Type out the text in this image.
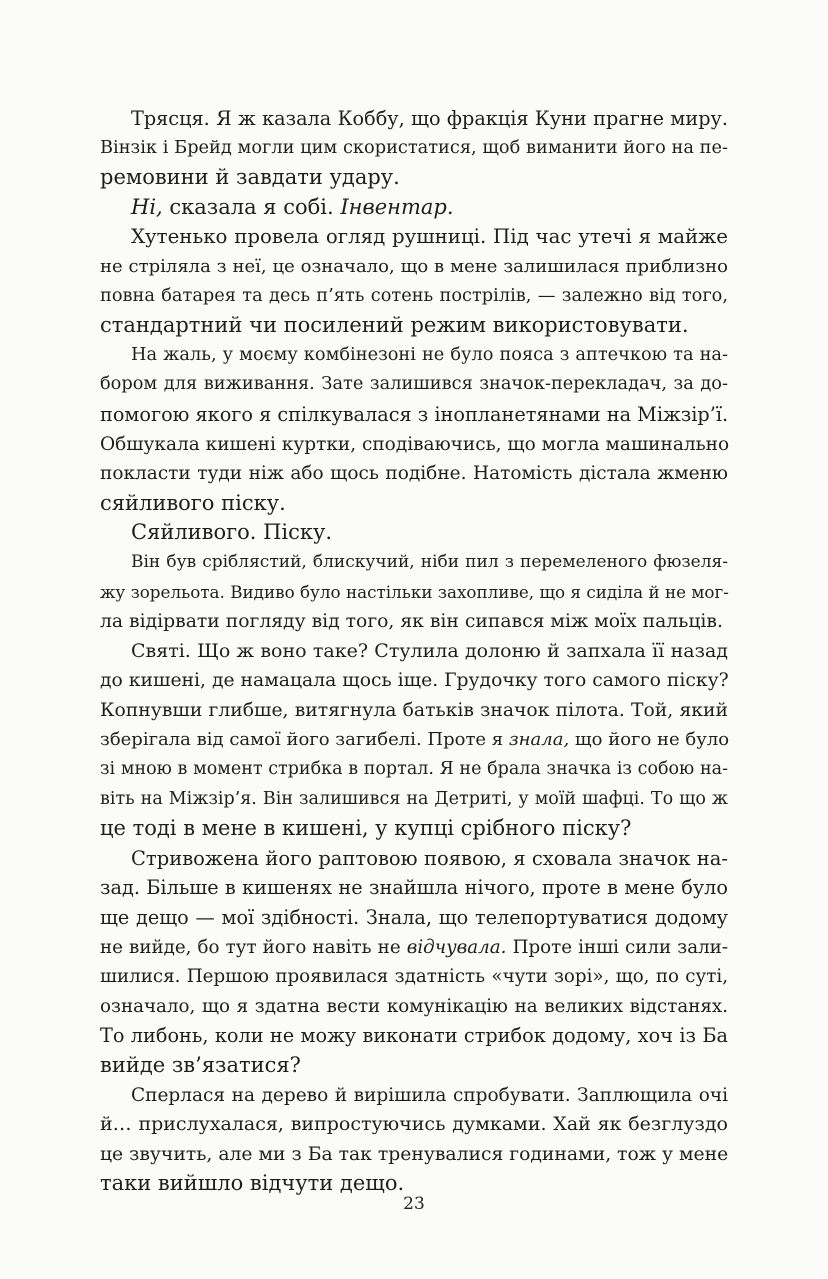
Трясця. Я ж казала Коббу, що фракція Куни прагне миру.
Вінзік і Брейд могли цим скористатися, щоб виманити його на пе-
ремовини й завдати удару.
Ні, сказала я собі. Інвентар.
Хутенько провела огляд рушниці. Під час утечі я майже
не стріляла з неї, це означало, що в мене залишилася приблизно
повна батарея та десь п’ять сотень пострілів, — залежно від того,
стандартний чи посилений режим використовувати.
На жаль, у моєму комбінезоні не було пояса з аптечкою та на-
бором для виживання. Зате залишився значок-перекладач, за до-
помогою якого я спілкувалася з інопланетянами на Міжзір’ї.
Обшукала кишені куртки, сподіваючись, що могла машинально
покласти туди ніж або щось подібне. Натомість дістала жменю
сяйливого піску.
Сяйливого. Піску.
Він був сріблястий, блискучий, ніби пил з перемеленого фюзеля-
жу зорельота. Видиво було настільки захопливе, що я сиділа й не мог-
ла відірвати погляду від того, як він сипався між моїх пальців.
Святі. Що ж воно таке? Стулила долоню й запхала її назад
до кишені, де намацала щось іще. Грудочку того самого піску?
Копнувши глибше, витягнула батьків значок пілота. Той, який
зберігала від самої його загибелі. Проте я знала, що його не було
зі мною в момент стрибка в портал. Я не брала значка із собою на-
віть на Міжзір’я. Він залишився на Детриті, у моїй шафці. То що ж
це тоді в мене в кишені, у купці срібного піску?
Стривожена його раптовою появою, я сховала значок на-
зад. Більше в кишенях не знайшла нічого, проте в мене було
ще дещо — мої здібності. Знала, що телепортуватися додому
не вийде, бо тут його навіть не відчувала. Проте інші сили зали-
шилися. Першою проявилася здатність «чути зорі», що, по суті,
означало, що я здатна вести комунікацію на великих відстанях.
То либонь, коли не можу виконати стрибок додому, хоч із Ба
вийде зв’язатися?
Сперлася на дерево й вирішила спробувати. Заплющила очі
й… прислухалася, випростуючись думками. Хай як безглуздо
це звучить, але ми з Ба так тренувалися годинами, тож у мене
таки вийшло відчути дещо.
23
